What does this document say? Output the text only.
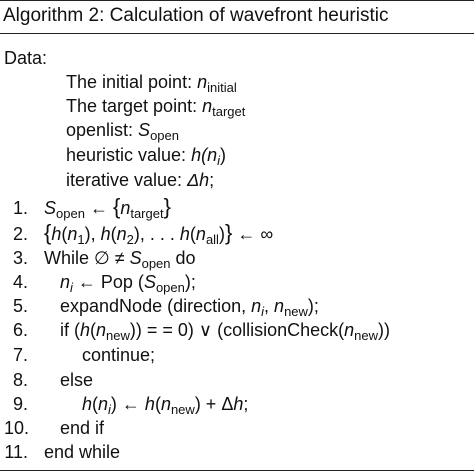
Algorithm 2: Calculation of wavefront heuristic
Data:
The initial point: $n_{initial}$
The target point: $n_{target}$
openlist: $S_{open}$
heuristic value: $h(n_i)$
iterative value: Δh;
1. $S_{open}$ ← $\{n_{target}\}$
2. {$h(n_1)$, $h(n_2)$, . . . $h(n_{all})$} ← ∞
3. While ∅ ≠ $S_{open}$ do
4. $n_i$ ← Pop $(S_{open})$;
5. expandNode (direction, $n_i$, $n_{new}$);
6. if $(h(n_{new}))$ = = 0) ∨ $(collisionCheck(n_{new}))$
7.	continue;
8. else
9.	$h(n_i)$ ← $h(n_{new}) + \Delta h$;
10. end if
11. end while
